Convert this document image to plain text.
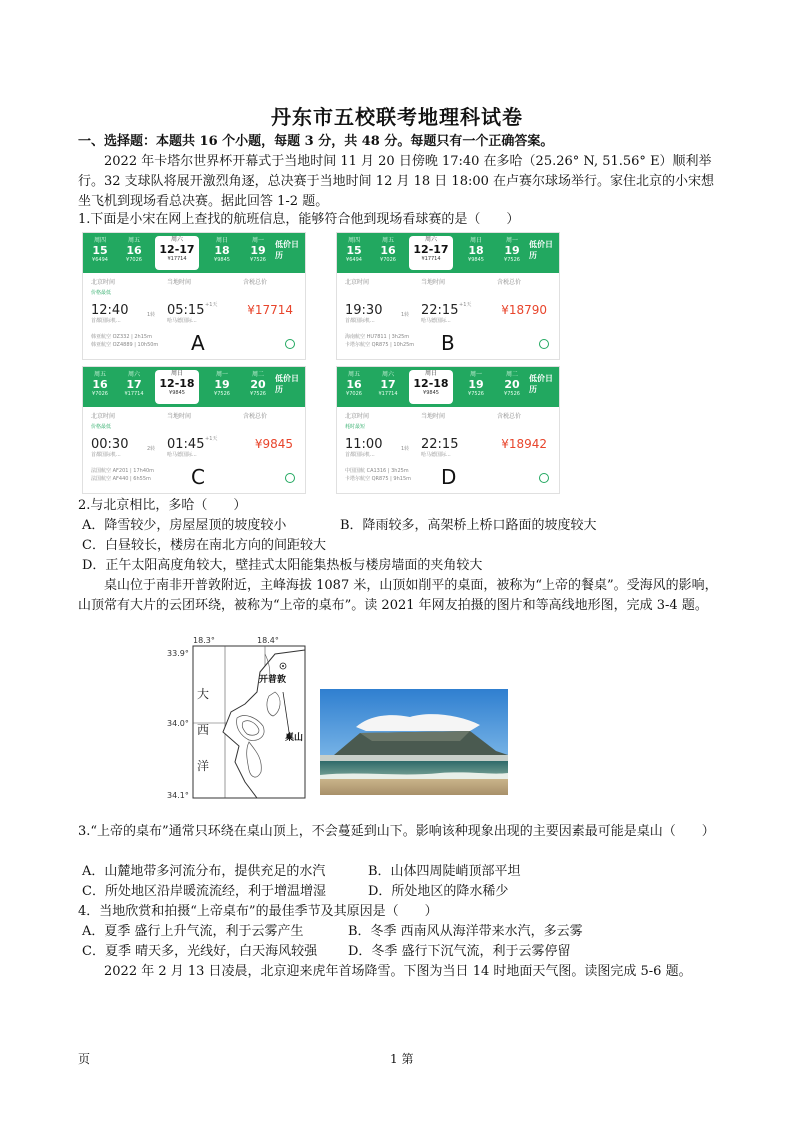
丹东市五校联考地理科试卷
一、选择题：本题共 16 个小题，每题 3 分，共 48 分。每题只有一个正确答案。
2022 年卡塔尔世界杯开幕式于当地时间 11 月 20 日傍晚 17:40 在多哈（25.26° N, 51.56° E）顺利举行。32 支球队将展开激烈角逐，总决赛于当地时间 12 月 18 日 18:00 在卢赛尔球场举行。家住北京的小宋想坐飞机到现场看总决赛。据此回答 1-2 题。
1.下面是小宋在网上查找的航班信息，能够符合他到现场看球赛的是（　　）
周四
15
¥6494
周五
16
¥7026
周六
12-17
¥17714
周日
18
¥9845
周一
19
¥7526
低价日历
北京时间	当地时间	含税总价
价格最低
12:40
首都国际机...
1转 05:15 +1天
哈马德国际...
¥17714
韩亚航空 OZ332 | 2h15m
韩亚航空 OZ4889 | 10h50m A
周四
15
¥6494
周五
16
¥7026
周六
12-17
¥17714
周日
18
¥9845
周一
19
¥7526
低价日历
北京时间	当地时间	含税总价
19:30
首都国际机...
1转 22:15 +1天
哈马德国际...
¥18790
海南航空 HU7811 | 3h25m
卡塔尔航空 QR875 | 10h25m B
周五
16
¥7026
周六
17
¥17714
周日
12-18
¥9845
周一
19
¥7526
周二
20
¥7526
低价日历
北京时间	当地时间	含税总价
价格最低
00:30
首都国际机...
2转 01:45 +1天
哈马德国际...
¥9845
法国航空 AF201 | 17h40m
法国航空 AF440 | 6h55m C
周五
16
¥7026
周六
17
¥17714
周日
12-18
¥9845
周一
19
¥7526
周二
20
¥7526
低价日历
北京时间	当地时间	含税总价
耗时最短
11:00
首都国际机...
1转 22:15
哈马德国际...
¥18942
中国国航 CA1316 | 3h25m
卡塔尔航空 QR875 | 9h15m D
2.与北京相比，多哈（　　）
A．降雪较少，房屋屋顶的坡度较小	B．降雨较多，高架桥上桥口路面的坡度较大
C．白昼较长，楼房在南北方向的间距较大
D．正午太阳高度角较大，壁挂式太阳能集热板与楼房墙面的夹角较大
桌山位于南非开普敦附近，主峰海拔 1087 米，山顶如削平的桌面，被称为“上帝的餐桌”。受海风的影响，山顶常有大片的云团环绕，被称为“上帝的桌布”。读 2021 年网友拍摄的图片和等高线地形图，完成 3-4 题。
18.3°	18.4°
33.9°
34.0°
34.1°
大
西
洋
开普敦
桌山
3.“上帝的桌布”通常只环绕在桌山顶上，不会蔓延到山下。影响该种现象出现的主要因素最可能是桌山（　　）
A．山麓地带多河流分布，提供充足的水汽	B．山体四周陡峭顶部平坦
C．所处地区沿岸暖流流经，利于增温增湿	D．所处地区的降水稀少
4．当地欣赏和拍摄“上帝桌布”的最佳季节及其原因是（　　）
A．夏季 盛行上升气流，利于云雾产生	B．冬季 西南风从海洋带来水汽，多云雾
C．夏季 晴天多，光线好，白天海风较强 D．冬季 盛行下沉气流，利于云雾停留
2022 年 2 月 13 日凌晨，北京迎来虎年首场降雪。下图为当日 14 时地面天气图。读图完成 5-6 题。
页	1 第
